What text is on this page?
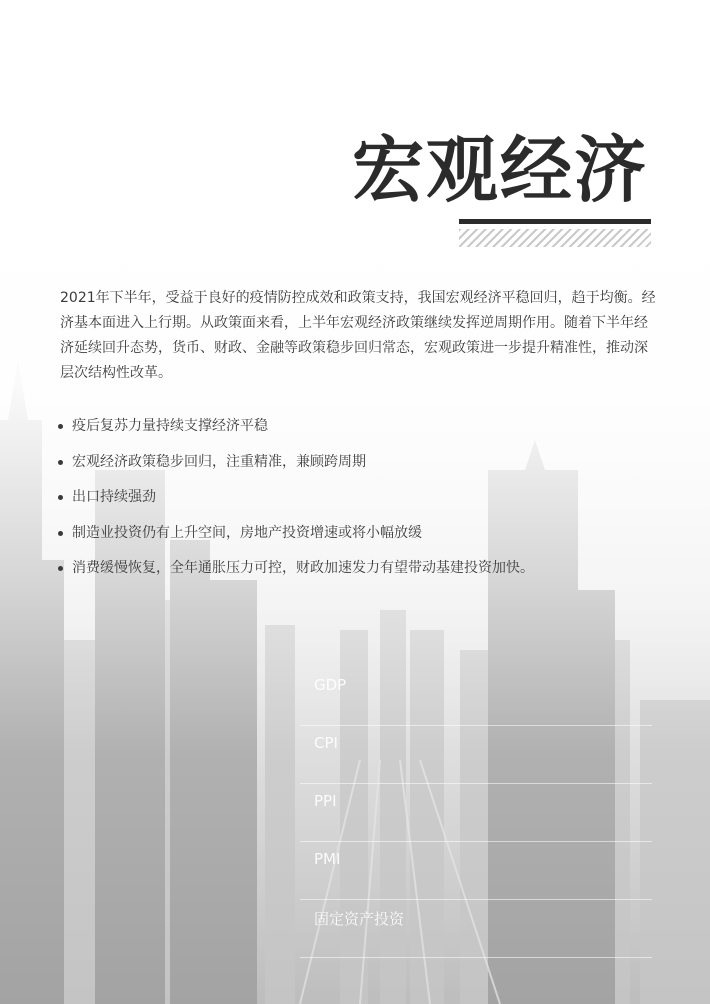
宏观经济

2021年下半年，受益于良好的疫情防控成效和政策支持，我国宏观经济平稳回归，趋于均衡。经济基本面进入上行期。从政策面来看，上半年宏观经济政策继续发挥逆周期作用。随着下半年经济延续回升态势，货币、财政、金融等政策稳步回归常态，宏观政策进一步提升精准性，推动深层次结构性改革。

疫后复苏力量持续支撑经济平稳
宏观经济政策稳步回归，注重精准，兼顾跨周期
出口持续强劲
制造业投资仍有上升空间，房地产投资增速或将小幅放缓
消费缓慢恢复，全年通胀压力可控，财政加速发力有望带动基建投资加快。
GDP
CPI
PPI
PMI
固定资产投资
